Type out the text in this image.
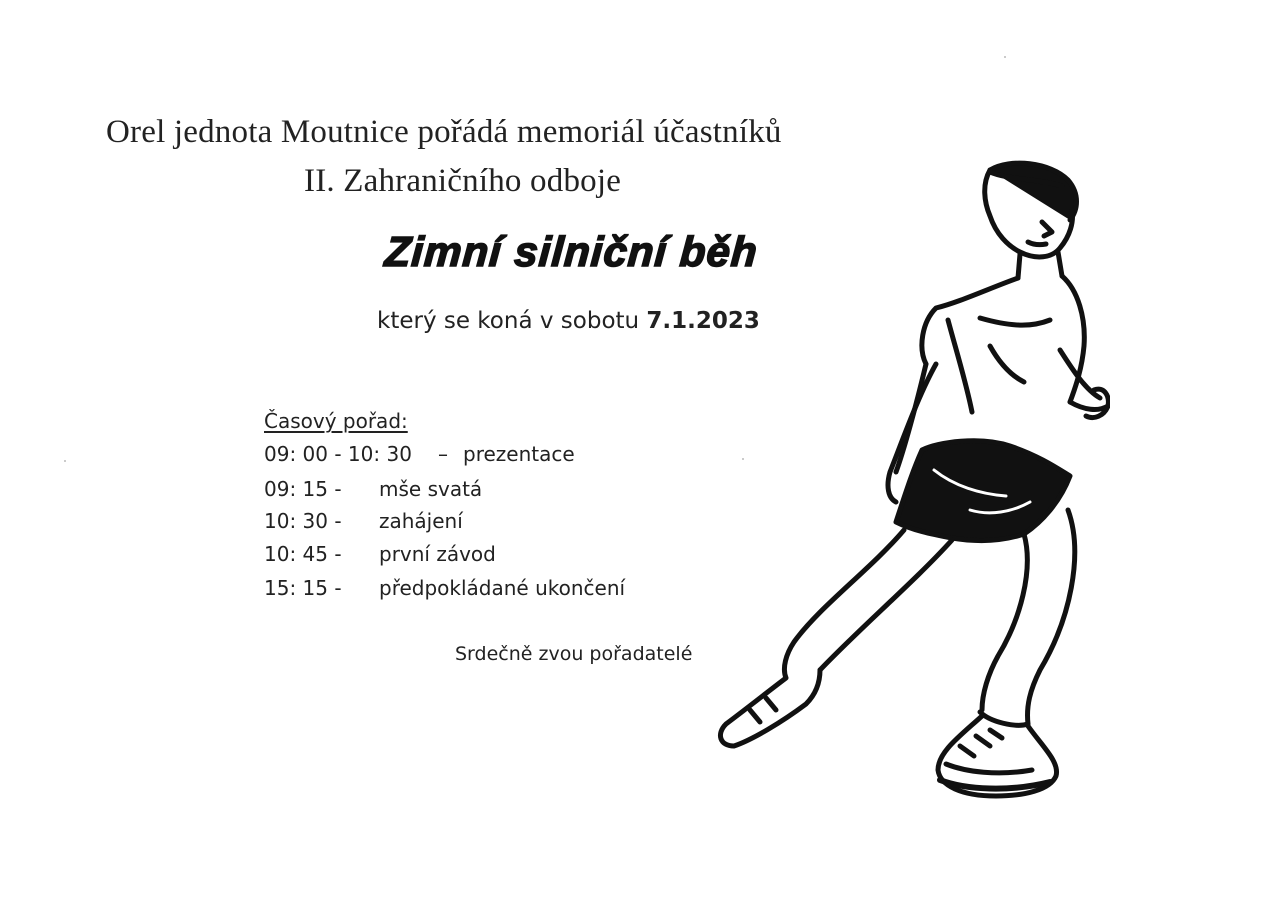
Orel jednota Moutnice pořádá memoriál účastníků
II. Zahraničního odboje
Zimní silniční běh
který se koná v sobotu 7.1.2023
Časový pořad:
09: 00 - 10: 30 – prezentace
09: 15 - mše svatá
10: 30 - zahájení
10: 45 - první závod
15: 15 - předpokládané ukončení
Srdečně zvou pořadatelé
